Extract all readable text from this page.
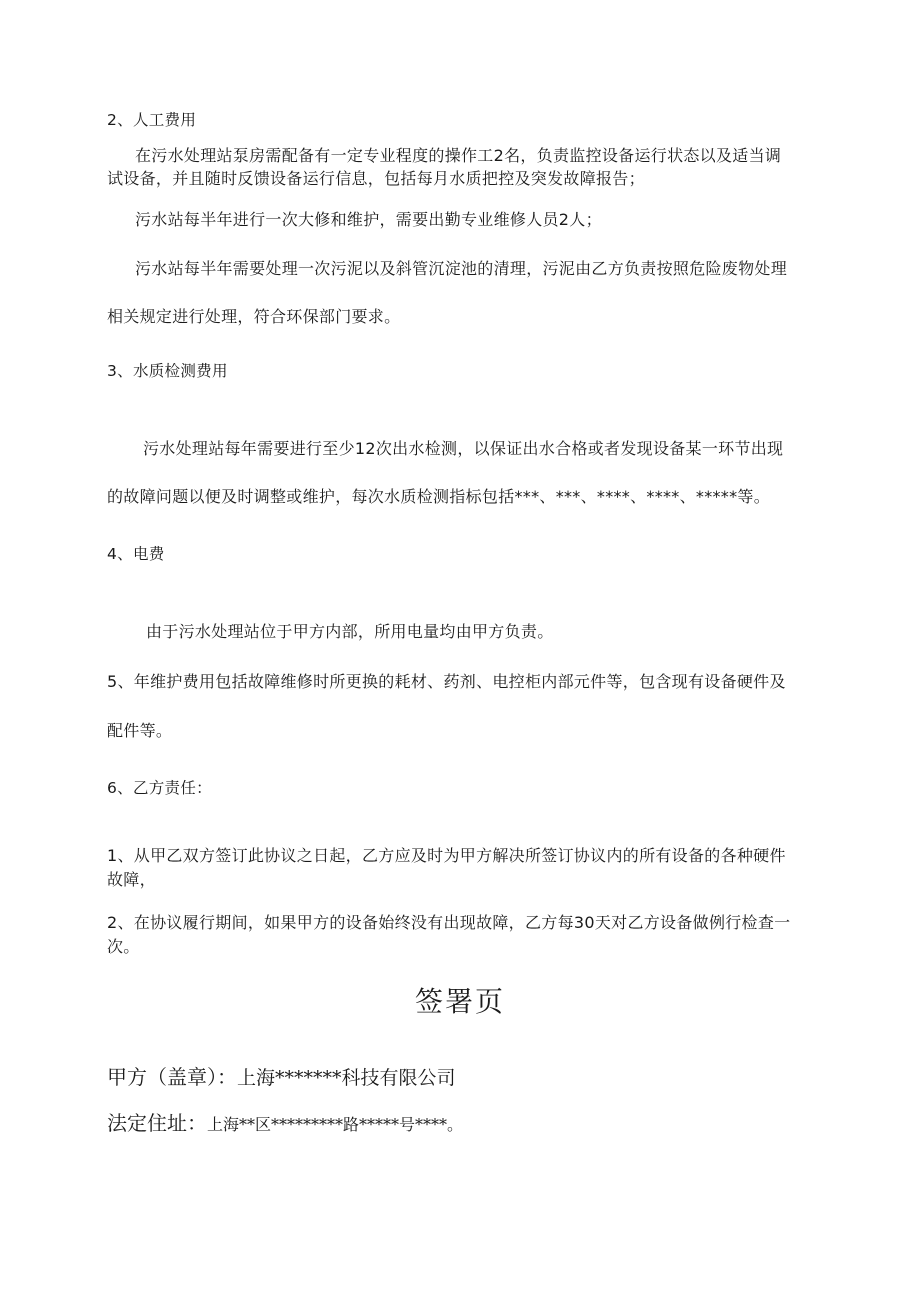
2、人工费用
在污水处理站泵房需配备有一定专业程度的操作工2名，负责监控设备运行状态以及适当调
试设备，并且随时反馈设备运行信息，包括每月水质把控及突发故障报告；
污水站每半年进行一次大修和维护，需要出勤专业维修人员2人；
污水站每半年需要处理一次污泥以及斜管沉淀池的清理，污泥由乙方负责按照危险废物处理
相关规定进行处理，符合环保部门要求。
3、水质检测费用
污水处理站每年需要进行至少12次出水检测，以保证出水合格或者发现设备某一环节出现
的故障问题以便及时调整或维护，每次水质检测指标包括***、***、****、****、*****等。
4、电费
由于污水处理站位于甲方内部，所用电量均由甲方负责。
5、年维护费用包括故障维修时所更换的耗材、药剂、电控柜内部元件等，包含现有设备硬件及
配件等。
6、乙方责任：
1、从甲乙双方签订此协议之日起，乙方应及时为甲方解决所签订协议内的所有设备的各种硬件
故障，
2、在协议履行期间，如果甲方的设备始终没有出现故障，乙方每30天对乙方设备做例行检查一
次。
签署页
甲方（盖章）：上海*******科技有限公司
法定住址：上海**区*********路*****号****。
